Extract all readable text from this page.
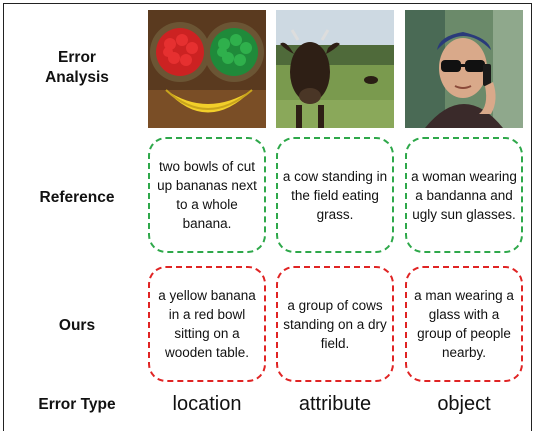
Error
Analysis
Reference
Ours
Error Type
two bowls of cut up bananas next to a whole banana.
a cow standing in the field eating grass.
a woman wearing a bandanna and ugly sun glasses.
a yellow banana in a red bowl sitting on a wooden table.
a group of cows standing on a dry field.
a man wearing a glass with a group of people nearby.
location	attribute	object
